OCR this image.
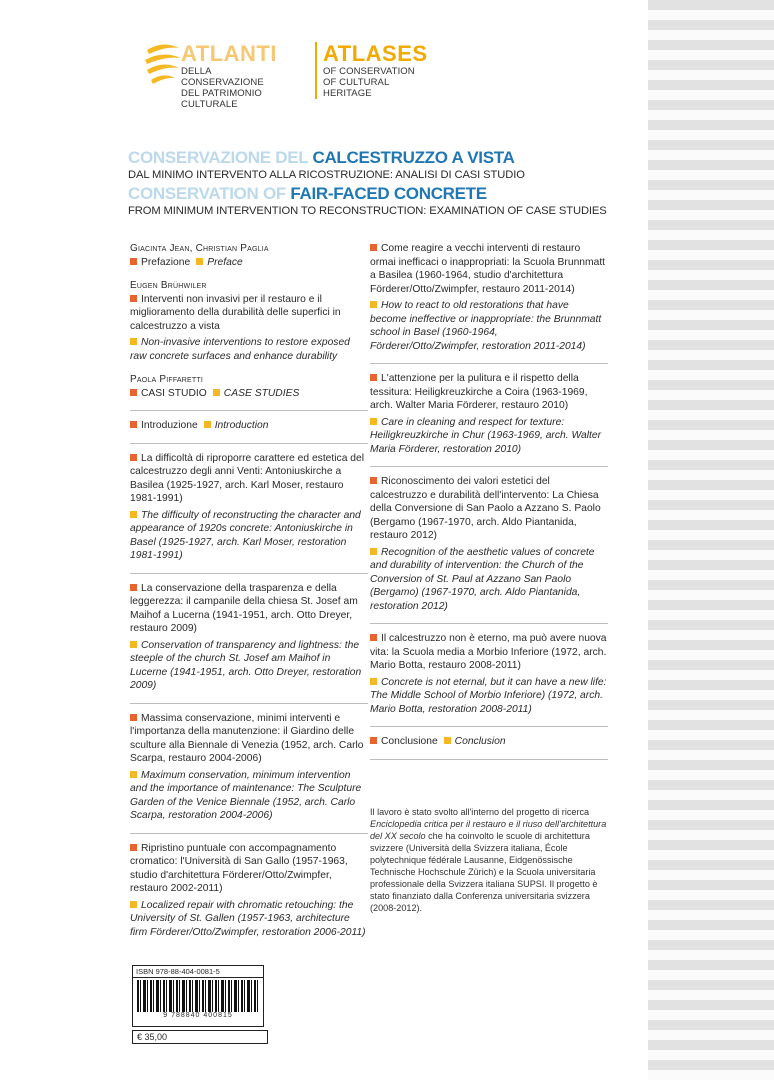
ATLANTI
DELLA CONSERVAZIONE
DEL PATRIMONIO CULTURALE
ATLASES
OF CONSERVATION
OF CULTURAL HERITAGE
CONSERVAZIONE DEL CALCESTRUZZO A VISTA
DAL MINIMO INTERVENTO ALLA RICOSTRUZIONE: ANALISI DI CASI STUDIO
CONSERVATION OF FAIR-FACED CONCRETE
FROM MINIMUM INTERVENTION TO RECONSTRUCTION: EXAMINATION OF CASE STUDIES
Giacinta Jean, Christian Paglia
Prefazione Preface
Eugen Brühwiler
Interventi non invasivi per il restauro e il miglioramento della durabilità delle superfici in calcestruzzo a vista
Non-invasive interventions to restore exposed raw concrete surfaces and enhance durability
Paola Piffaretti
CASI STUDIO CASE STUDIES
Introduzione Introduction
La difficoltà di riproporre carattere ed estetica del calcestruzzo degli anni Venti: Antoniuskirche a Basilea (1925-1927, arch. Karl Moser, restauro 1981-1991)
The difficulty of reconstructing the character and appearance of 1920s concrete: Antoniuskirche in Basel (1925-1927, arch. Karl Moser, restoration 1981-1991)
La conservazione della trasparenza e della leggerezza: il campanile della chiesa St. Josef am Maihof a Lucerna (1941-1951, arch. Otto Dreyer, restauro 2009)
Conservation of transparency and lightness: the steeple of the church St. Josef am Maihof in Lucerne (1941-1951, arch. Otto Dreyer, restoration 2009)
Massima conservazione, minimi interventi e l'importanza della manutenzione: il Giardino delle sculture alla Biennale di Venezia (1952, arch. Carlo Scarpa, restauro 2004-2006)
Maximum conservation, minimum intervention and the importance of maintenance: The Sculpture Garden of the Venice Biennale (1952, arch. Carlo Scarpa, restoration 2004-2006)
Ripristino puntuale con accompagnamento cromatico: l'Università di San Gallo (1957-1963, studio d'architettura Förderer/Otto/Zwimpfer, restauro 2002-2011)
Localized repair with chromatic retouching: the University of St. Gallen (1957-1963, architecture firm Förderer/Otto/Zwimpfer, restoration 2006-2011)
Come reagire a vecchi interventi di restauro ormai inefficaci o inappropriati: la Scuola Brunnmatt a Basilea (1960-1964, studio d'architettura Förderer/Otto/Zwimpfer, restauro 2011-2014)
How to react to old restorations that have become ineffective or inappropriate: the Brunnmatt school in Basel (1960-1964, Förderer/Otto/Zwimpfer, restoration 2011-2014)
L'attenzione per la pulitura e il rispetto della tessitura: Heiligkreuzkirche a Coira (1963-1969, arch. Walter Maria Förderer, restauro 2010)
Care in cleaning and respect for texture: Heiligkreuzkirche in Chur (1963-1969, arch. Walter Maria Förderer, restoration 2010)
Riconoscimento dei valori estetici del calcestruzzo e durabilità dell'intervento: La Chiesa della Conversione di San Paolo a Azzano S. Paolo (Bergamo (1967-1970, arch. Aldo Piantanida, restauro 2012)
Recognition of the aesthetic values of concrete and durability of intervention: the Church of the Conversion of St. Paul at Azzano San Paolo (Bergamo) (1967-1970, arch. Aldo Piantanida, restoration 2012)
Il calcestruzzo non è eterno, ma può avere nuova vita: la Scuola media a Morbio Inferiore (1972, arch. Mario Botta, restauro 2008-2011)
Concrete is not eternal, but it can have a new life: The Middle School of Morbio Inferiore) (1972, arch. Mario Botta, restoration 2008-2011)
Conclusione Conclusion
Il lavoro è stato svolto all'interno del progetto di ricerca Enciclopedia critica per il restauro e il riuso dell'architettura del XX secolo che ha coinvolto le scuole di architettura svizzere (Università della Svizzera italiana, École polytechnique fédérale Lausanne, Eidgenössische Technische Hochschule Zürich) e la Scuola universitaria professionale della Svizzera italiana SUPSI. Il progetto è stato finanziato dalla Conferenza universitaria svizzera (2008-2012).
ISBN 978-88-404-0081-5
9 788840 400815
€ 35,00
